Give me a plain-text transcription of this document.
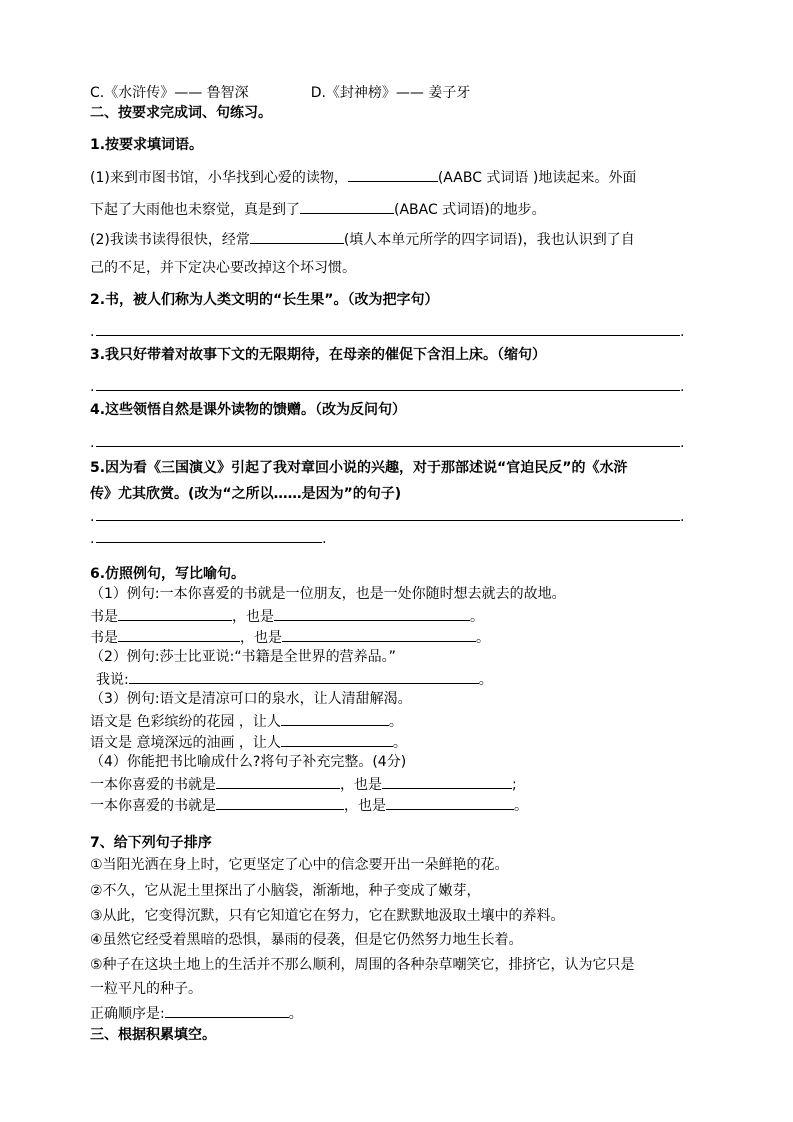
C.《水浒传》—— 鲁智深	D.《封神榜》—— 姜子牙
二、按要求完成词、句练习。
1.按要求填词语。
(1)来到市图书馆，小华找到心爱的读物，	(AABC 式词语 )地读起来。外面
下起了大雨他也未察觉，真是到了	(ABAC 式词语)的地步。
(2)我读书读得很快，经常	(填人本单元所学的四字词语)，我也认识到了自
己的不足，并下定决心要改掉这个坏习惯。
2.书，被人们称为人类文明的“长生果”。（改为把字句）
.	.
3.我只好带着对故事下文的无限期待，在母亲的催促下含泪上床。（缩句）
.	.
4.这些领悟自然是课外读物的馈赠。（改为反问句）
.	.
5.因为看《三国演义》引起了我对章回小说的兴趣，对于那部述说“官迫民反”的《水浒
传》尤其欣赏。(改为“之所以……是因为”的句子)
.	.
.	.
6.仿照例句，写比喻句。
（1）例句:一本你喜爱的书就是一位朋友，也是一处你随时想去就去的故地。
书是	，也是	。
书是	，也是	。
（2）例句:莎士比亚说:“书籍是全世界的营养品。”
我说:	。
（3）例句:语文是清凉可口的泉水，让人清甜解渴。
语文是 色彩缤纷的花园 ，让人	。
语文是 意境深远的油画 ，让人	。
（4）你能把书比喻成什么?将句子补充完整。(4分)
一本你喜爱的书就是	，也是	;
一本你喜爱的书就是	，也是	。
7、给下列句子排序
①当阳光洒在身上时，它更坚定了心中的信念要开出一朵鲜艳的花。
②不久，它从泥土里探出了小脑袋，渐渐地，种子变成了嫩芽，
③从此，它变得沉默，只有它知道它在努力，它在默默地汲取土壤中的养料。
④虽然它经受着黑暗的恐惧，暴雨的侵袭，但是它仍然努力地生长着。
⑤种子在这块土地上的生活并不那么顺利，周围的各种杂草嘲笑它，排挤它，认为它只是
一粒平凡的种子。
正确顺序是:	。
三、根据积累填空。
